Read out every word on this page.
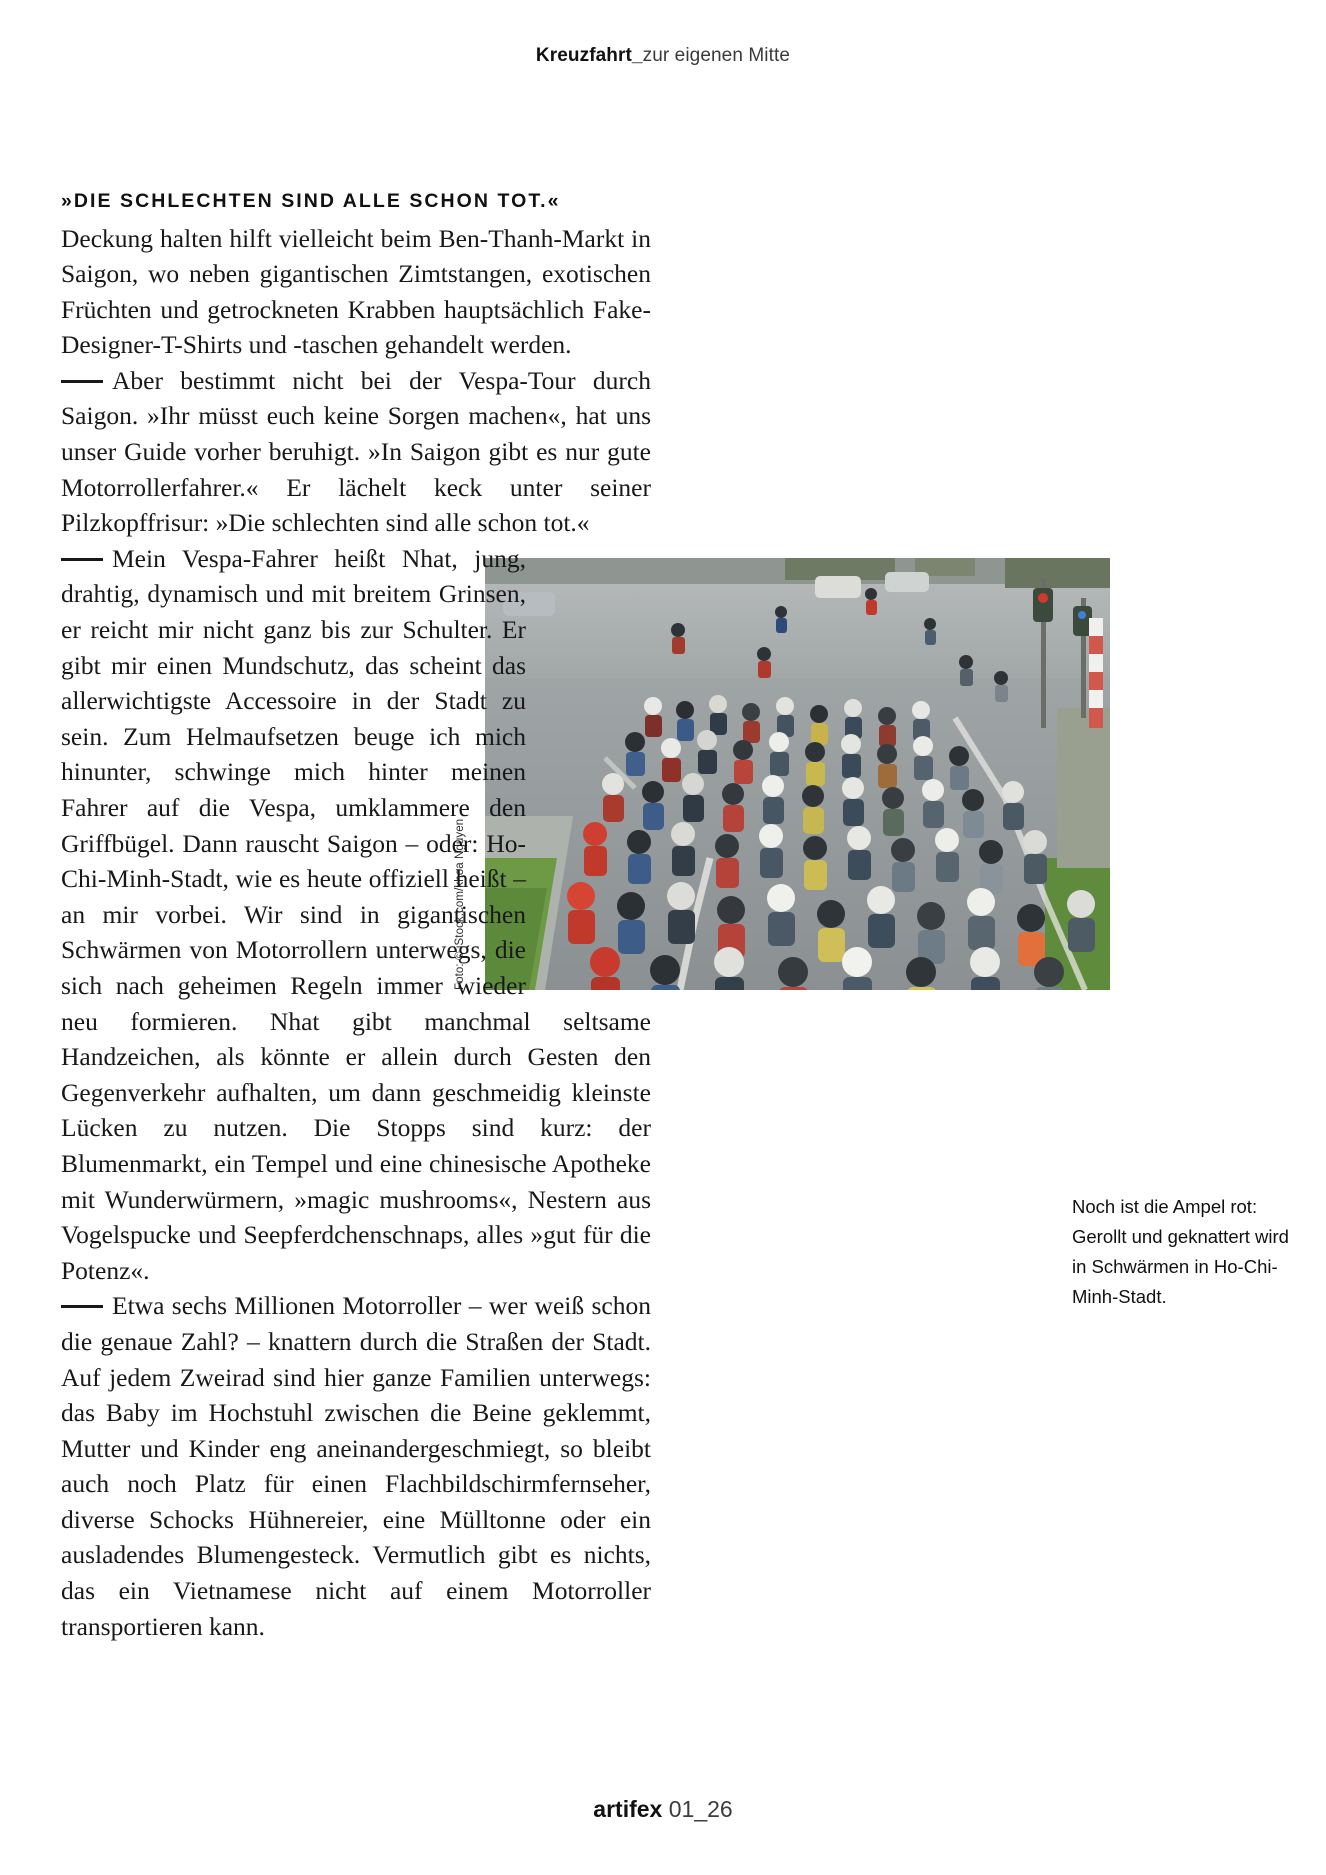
Kreuzfahrt_zur eigenen Mitte
Foto: © iStock.com/khoa Nguyen
Noch ist die Ampel rot: Gerollt und geknattert wird in Schwärmen in Ho-Chi-Minh-Stadt.
»DIE SCHLECHTEN SIND ALLE SCHON TOT.«

Deckung halten hilft vielleicht beim Ben-Thanh-Markt in Saigon, wo neben gigantischen Zimtstangen, exotischen Früchten und getrockneten Krabben hauptsächlich Fake-Designer-T-Shirts und -taschen gehandelt werden.

Aber bestimmt nicht bei der Vespa-Tour durch Saigon. »Ihr müsst euch keine Sorgen machen«, hat uns unser Guide vorher beruhigt. »In Saigon gibt es nur gute Motorrollerfahrer.« Er lächelt keck unter seiner Pilzkopffrisur: »Die schlechten sind alle schon tot.«

Mein Vespa-Fahrer heißt Nhat, jung, drahtig, dynamisch und mit breitem Grinsen, er reicht mir nicht ganz bis zur Schulter. Er gibt mir einen Mundschutz, das scheint das allerwichtigste Accessoire in der Stadt zu sein. Zum Helmaufsetzen beuge ich mich hinunter, schwinge mich hinter meinen Fahrer auf die Vespa, umklammere den Griffbügel. Dann rauscht Saigon – oder: Ho-Chi-Minh-Stadt, wie es heute offiziell heißt – an mir vorbei. Wir sind in gigantischen Schwärmen von Motorrollern unterwegs, die sich nach geheimen Regeln immer wieder neu formieren. Nhat gibt manchmal seltsame Handzeichen, als könnte er allein durch Gesten den Gegenverkehr aufhalten, um dann geschmeidig kleinste Lücken zu nutzen. Die Stopps sind kurz: der Blumenmarkt, ein Tempel und eine chinesische Apotheke mit Wunderwürmern, »magic mushrooms«, Nestern aus Vogelspucke und Seepferdchenschnaps, alles »gut für die Potenz«.

Etwa sechs Millionen Motorroller – wer weiß schon die genaue Zahl? – knattern durch die Straßen der Stadt. Auf jedem Zweirad sind hier ganze Familien unterwegs: das Baby im Hochstuhl zwischen die Beine geklemmt, Mutter und Kinder eng aneinandergeschmiegt, so bleibt auch noch Platz für einen Flachbildschirmfernseher, diverse Schocks Hühnereier, eine Mülltonne oder ein ausladendes Blumengesteck. Vermutlich gibt es nichts, das ein Vietnamese nicht auf einem Motorroller transportieren kann.

artifex 01_26
